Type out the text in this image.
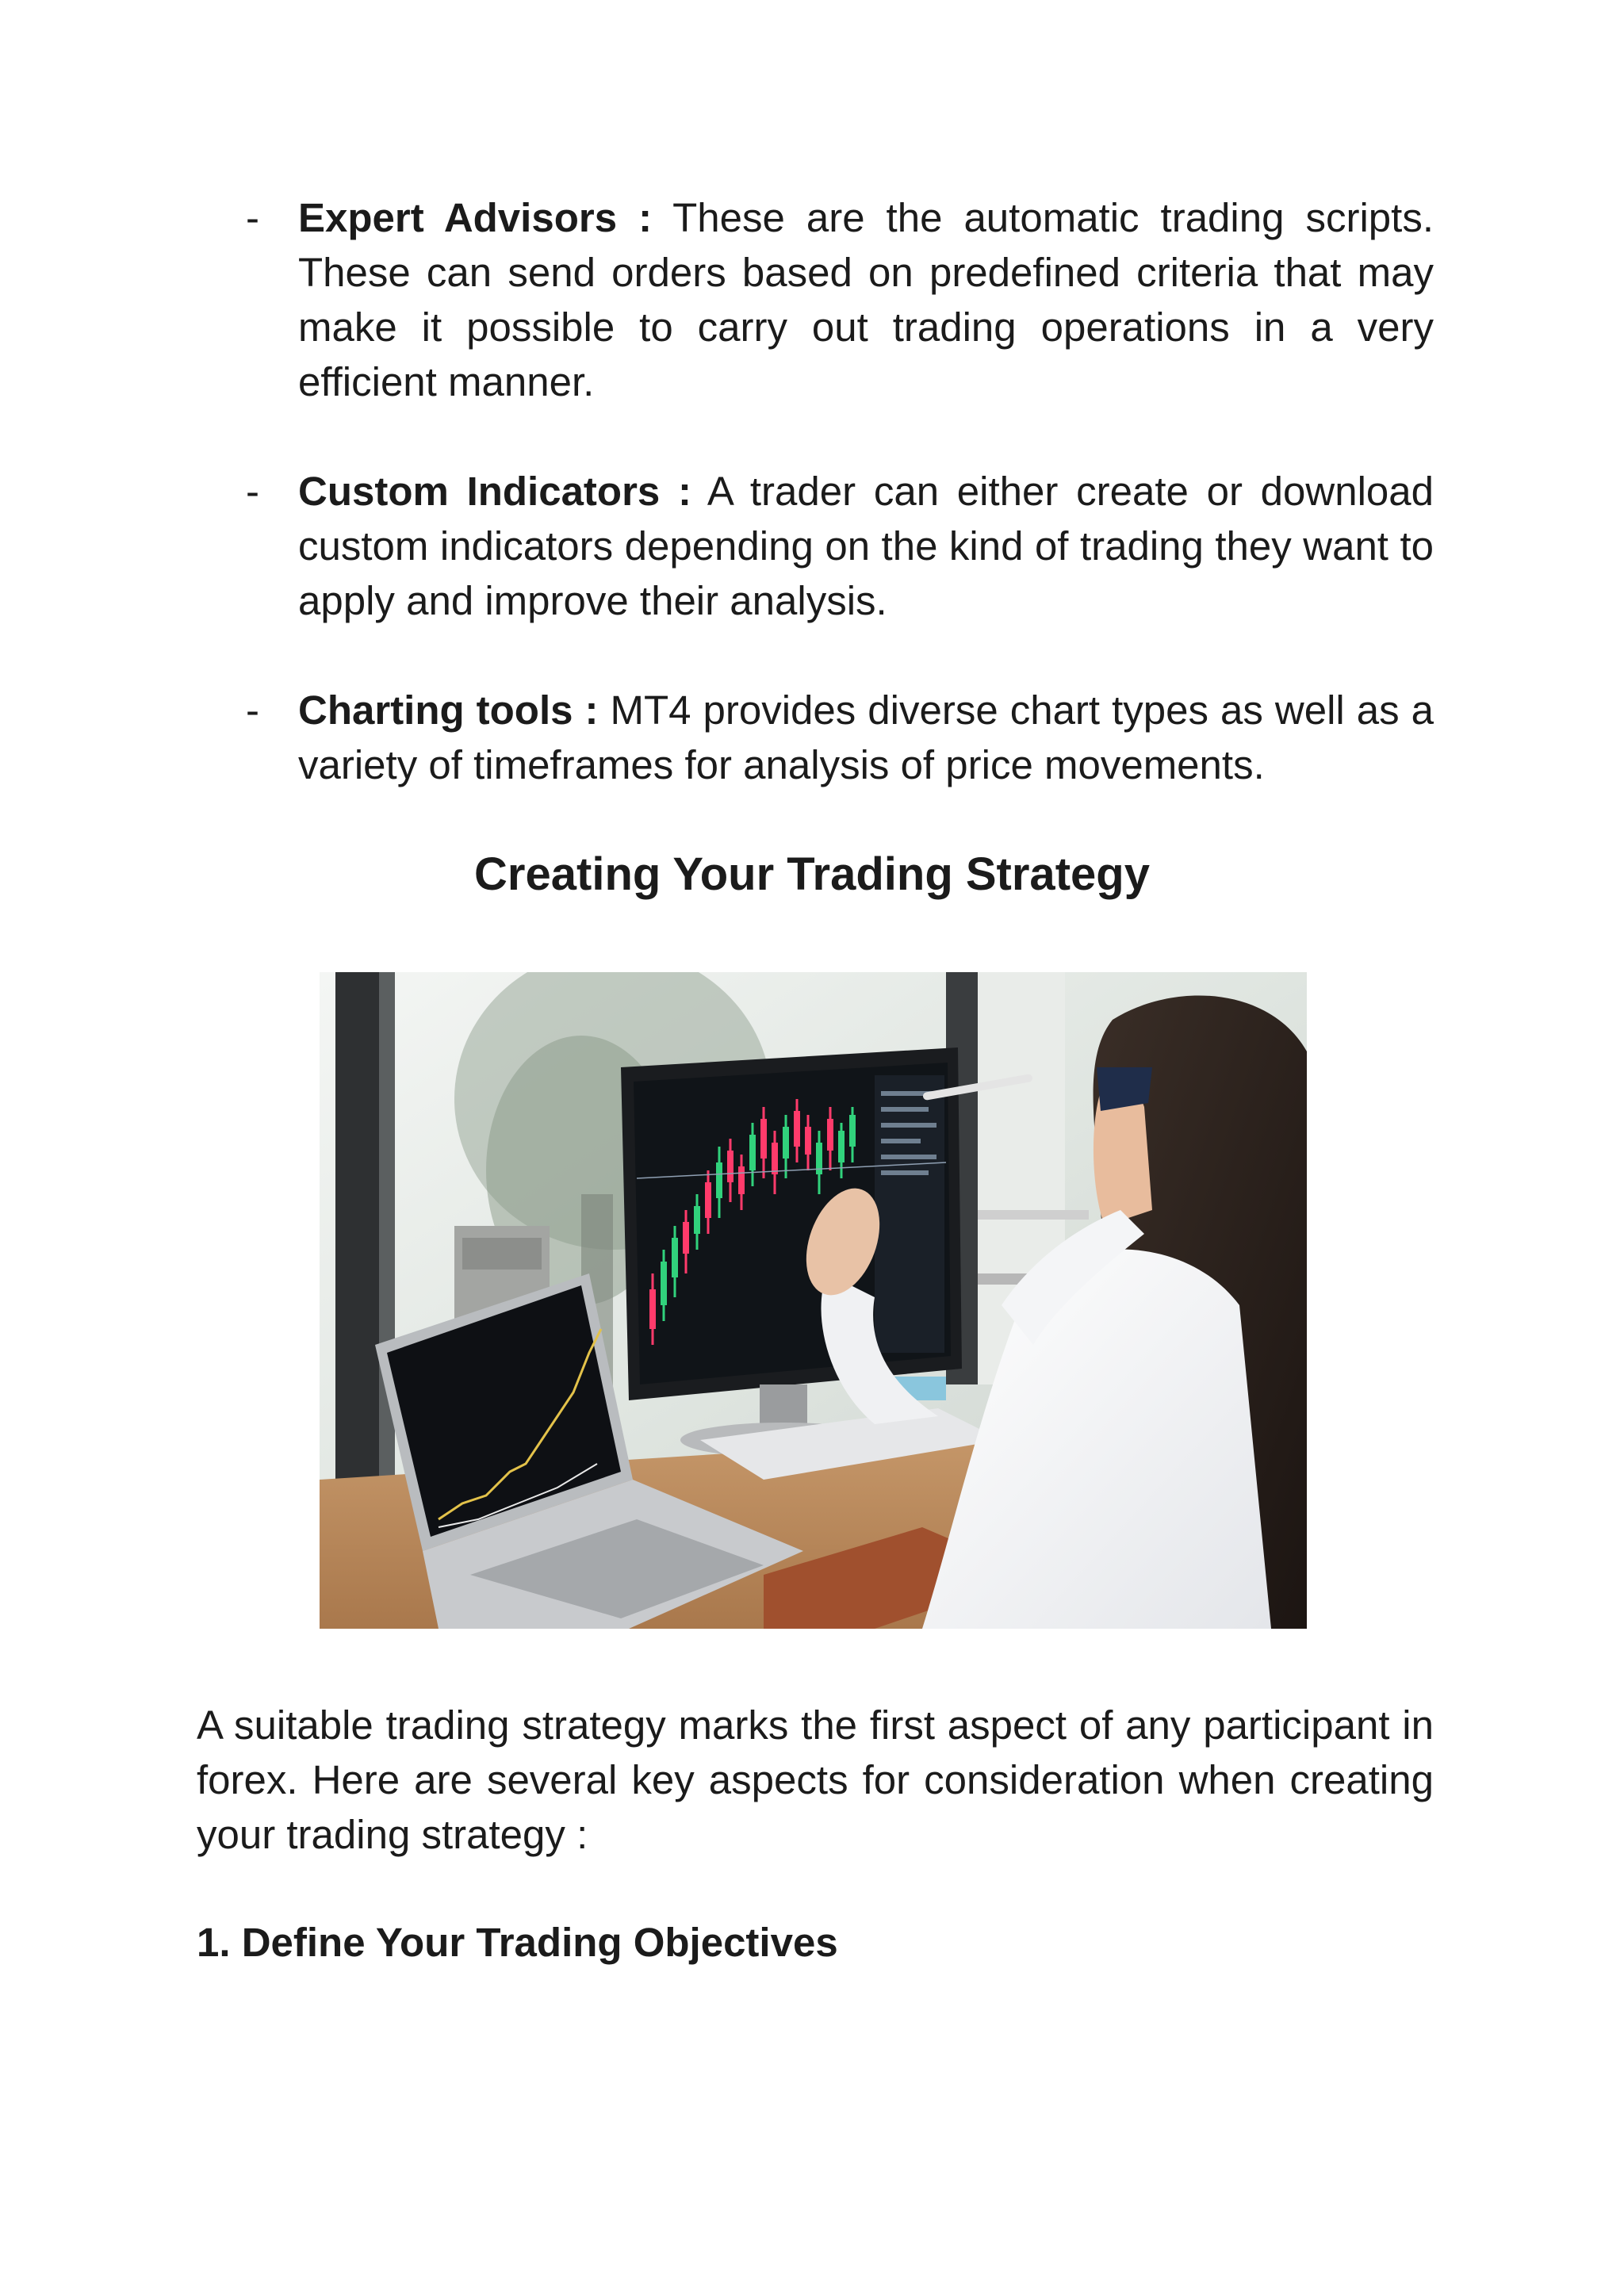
- Expert Advisors : These are the automatic trading scripts. These can send orders based on predefined criteria that may make it possible to carry out trading operations in a very efficient manner.
- Custom Indicators : A trader can either create or download custom indicators depending on the kind of trading they want to apply and improve their analysis.
- Charting tools : MT4 provides diverse chart types as well as a variety of timeframes for analysis of price movements.
Creating Your Trading Strategy
A suitable trading strategy marks the first aspect of any participant in forex. Here are several key aspects for consideration when creating your trading strategy :
1. Define Your Trading Objectives
